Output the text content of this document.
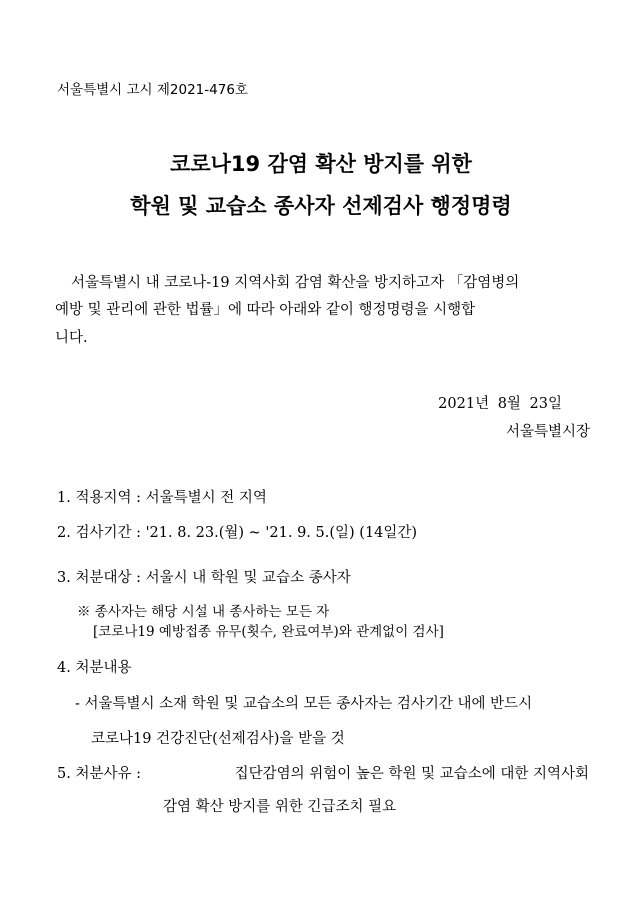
서울특별시 고시 제2021-476호
코로나19 감염 확산 방지를 위한
학원 및 교습소 종사자 선제검사 행정명령
서울특별시 내 코로나-19 지역사회 감염 확산을 방지하고자 「감염병의
예방 및 관리에 관한 법률」에 따라 아래와 같이 행정명령을 시행합
니다.
2021년 8월 23일
서울특별시장
1. 적용지역 : 서울특별시 전 지역
2. 검사기간 : '21. 8. 23.(월) ~ '21. 9. 5.(일) (14일간)
3. 처분대상 : 서울시 내 학원 및 교습소 종사자
※ 종사자는 해당 시설 내 종사하는 모든 자
[코로나19 예방접종 유무(횟수, 완료여부)와 관계없이 검사]
4. 처분내용
- 서울특별시 소재 학원 및 교습소의 모든 종사자는 검사기간 내에 반드시
코로나19 건강진단(선제검사)을 받을 것
5. 처분사유 :	집단감염의 위험이 높은 학원 및 교습소에 대한 지역사회
감염 확산 방지를 위한 긴급조치 필요
